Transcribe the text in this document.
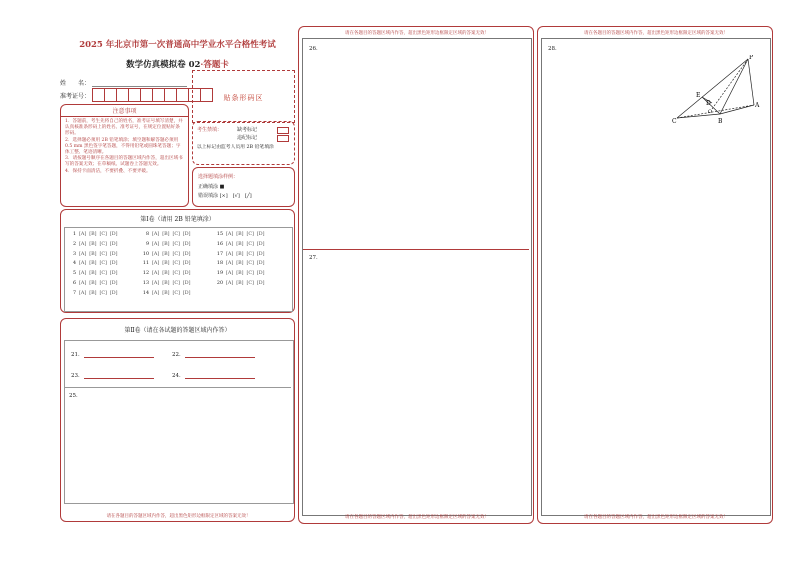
2025 年北京市第一次普通高中学业水平合格性考试
数学仿真模拟卷 02·答题卡
姓　　名：
准考证号：	贴条形码区
注意事项
1．答题前，考生先将自己的姓名，准考证号填写清楚，并认真核准条形码上的姓名、准考证号，在规定位置贴好条形码。
2．选择题必须用 2B 铅笔填涂；填空题和解答题必须用 0.5 mm 黑色签字笔答题，不得用铅笔或圆珠笔答题；字体工整、笔迹清晰。
3．请按题号顺序在各题目的答题区域内作答，超出区域书写的答案无效；在草稿纸、试题卷上答题无效。
4．保持卡面清洁，不要折叠、不要弄破。
考生禁填：	缺考标记
违纪标记
以上标记由监考人员用 2B 铅笔填涂
选择题填涂样例：
正确填涂 ■
错误填涂 [×]　[√]　[╱]
第Ⅰ卷（请用 2B 铅笔填涂）
1 [A] [B] [C] [D]
2 [A] [B] [C] [D]
3 [A] [B] [C] [D]
4 [A] [B] [C] [D]
5 [A] [B] [C] [D]
6 [A] [B] [C] [D]
7 [A] [B] [C] [D]
8 [A] [B] [C] [D]
9 [A] [B] [C] [D]
10 [A] [B] [C] [D]
11 [A] [B] [C] [D]
12 [A] [B] [C] [D]
13 [A] [B] [C] [D]
14 [A] [B] [C] [D]
15 [A] [B] [C] [D]
16 [A] [B] [C] [D]
17 [A] [B] [C] [D]
18 [A] [B] [C] [D]
19 [A] [B] [C] [D]
20 [A] [B] [C] [D]
第Ⅱ卷（请在各试题的答题区域内作答）
21．	22．
23．	24．
25．
请在各题目的答题区域内作答，超出黑色矩形边框限定区域的答案无效！
请在各题目的答题区域内作答，超出黑色矩形边框限定区域的答案无效！
26．
27．
请在各题目的答题区域内作答，超出黑色矩形边框限定区域的答案无效！
请在各题目的答题区域内作答，超出黑色矩形边框限定区域的答案无效！
28．
P
E
D
O
C	B
A
请在各题目的答题区域内作答，超出黑色矩形边框限定区域的答案无效！
